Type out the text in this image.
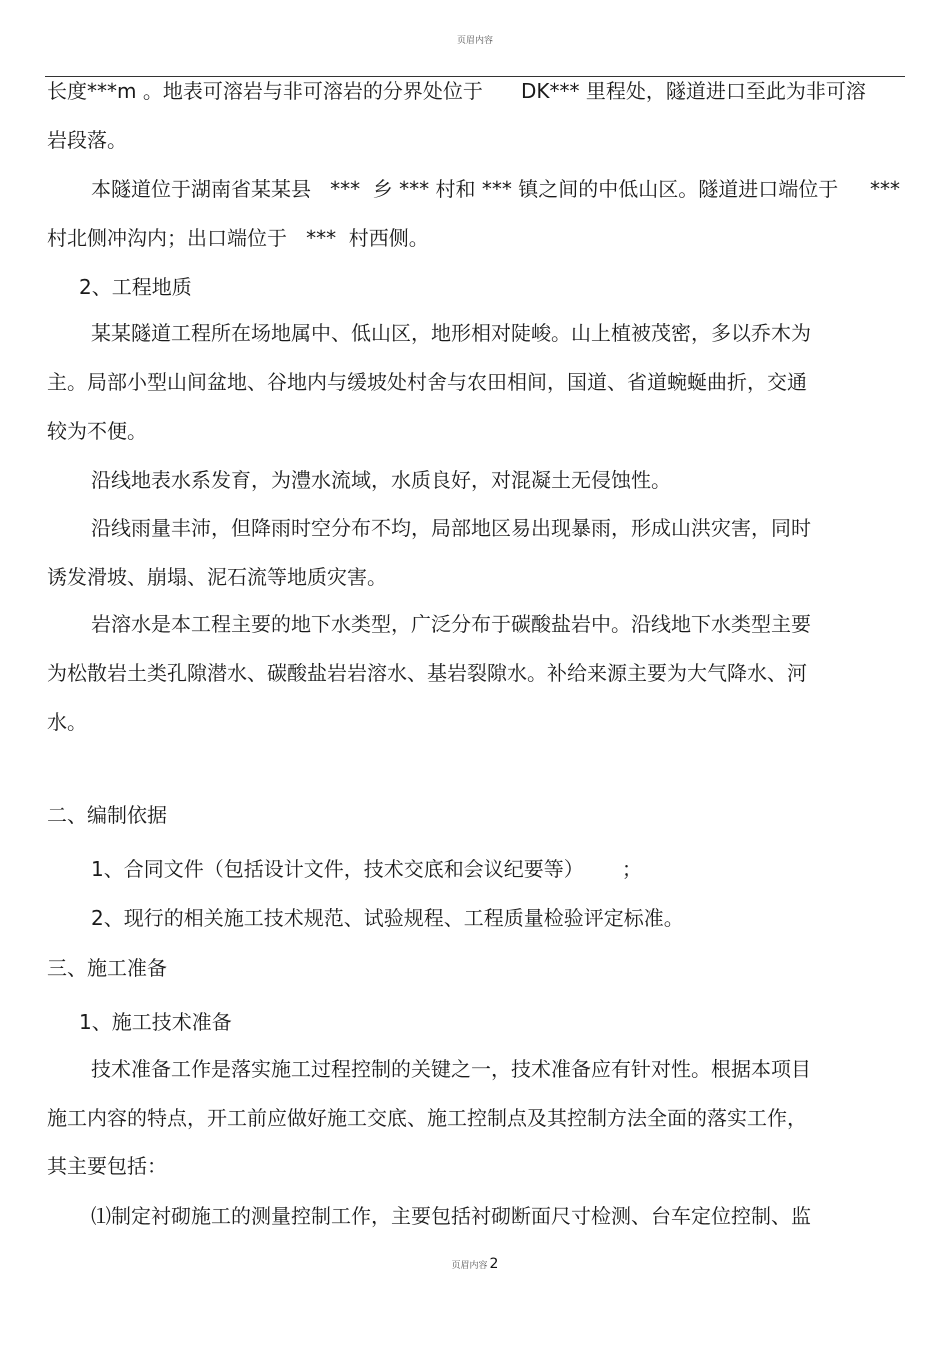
页眉内容
长度***m 。地表可溶岩与非可溶岩的分界处位于      DK*** 里程处，隧道进口至此为非可溶
岩段落。
本隧道位于湖南省某某县   ***  乡 *** 村和 *** 镇之间的中低山区。隧道进口端位于     ***
村北侧冲沟内；出口端位于   ***  村西侧。
2、工程地质
某某隧道工程所在场地属中、低山区，地形相对陡峻。山上植被茂密，多以乔木为
主。局部小型山间盆地、谷地内与缓坡处村舍与农田相间，国道、省道蜿蜒曲折，交通
较为不便。
沿线地表水系发育，为澧水流域，水质良好，对混凝土无侵蚀性。
沿线雨量丰沛，但降雨时空分布不均，局部地区易出现暴雨，形成山洪灾害，同时
诱发滑坡、崩塌、泥石流等地质灾害。
岩溶水是本工程主要的地下水类型，广泛分布于碳酸盐岩中。沿线地下水类型主要
为松散岩土类孔隙潜水、碳酸盐岩岩溶水、基岩裂隙水。补给来源主要为大气降水、河
水。
二、编制依据
1、合同文件（包括设计文件，技术交底和会议纪要等）      ；
2、现行的相关施工技术规范、试验规程、工程质量检验评定标准。
三、施工准备
1、施工技术准备
技术准备工作是落实施工过程控制的关键之一，技术准备应有针对性。根据本项目
施工内容的特点，开工前应做好施工交底、施工控制点及其控制方法全面的落实工作，
其主要包括：
⑴制定衬砌施工的测量控制工作，主要包括衬砌断面尺寸检测、台车定位控制、监
页眉内容 2
